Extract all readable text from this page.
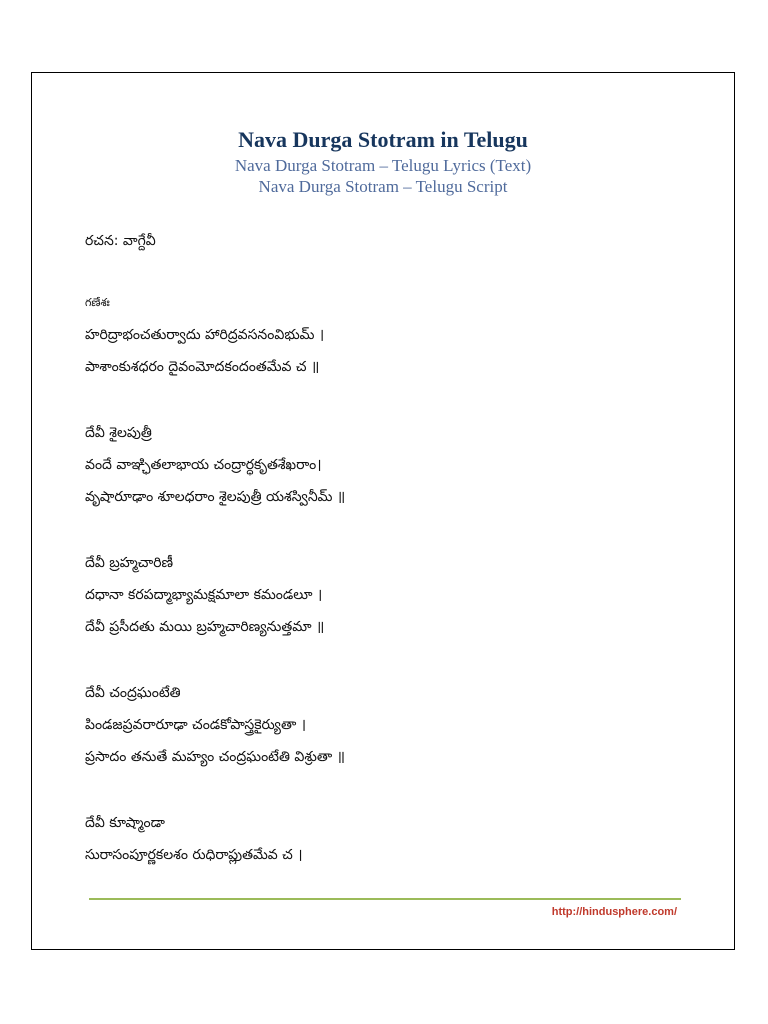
Nava Durga Stotram in Telugu

Nava Durga Stotram – Telugu Lyrics (Text)

Nava Durga Stotram – Telugu Script

రచన: వాగ్దేవీ
గణేశః
హరిద్రాభంచతుర్వాదు హారిద్రవసనంవిభుమ్ ।
పాశాంకుశధరం దైవంమోదకందంతమేవ చ ॥
దేవీ శైలపుత్రీ
వందే వాఞ్ఛితలాభాయ చంద్రార్ధకృతశేఖరాం।
వృషారూఢాం శూలధరాం శైలపుత్రీ యశస్వినీమ్ ॥
దేవీ బ్రహ్మచారిణీ
దధానా కరపద్మాభ్యామక్షమాలా కమండలూ ।
దేవీ ప్రసీదతు మయి బ్రహ్మచారిణ్యనుత్తమా ॥
దేవీ చంద్రఘంటేతి
పిండజప్రవరారూఢా చండకోపాస్త్రకైర్యుతా ।
ప్రసాదం తనుతే మహ్యం చంద్రఘంటేతి విశ్రుతా ॥
దేవీ కూష్మాండా
సురాసంపూర్ణకలశం రుధిరాప్లుతమేవ చ ।
http://hindusphere.com/
